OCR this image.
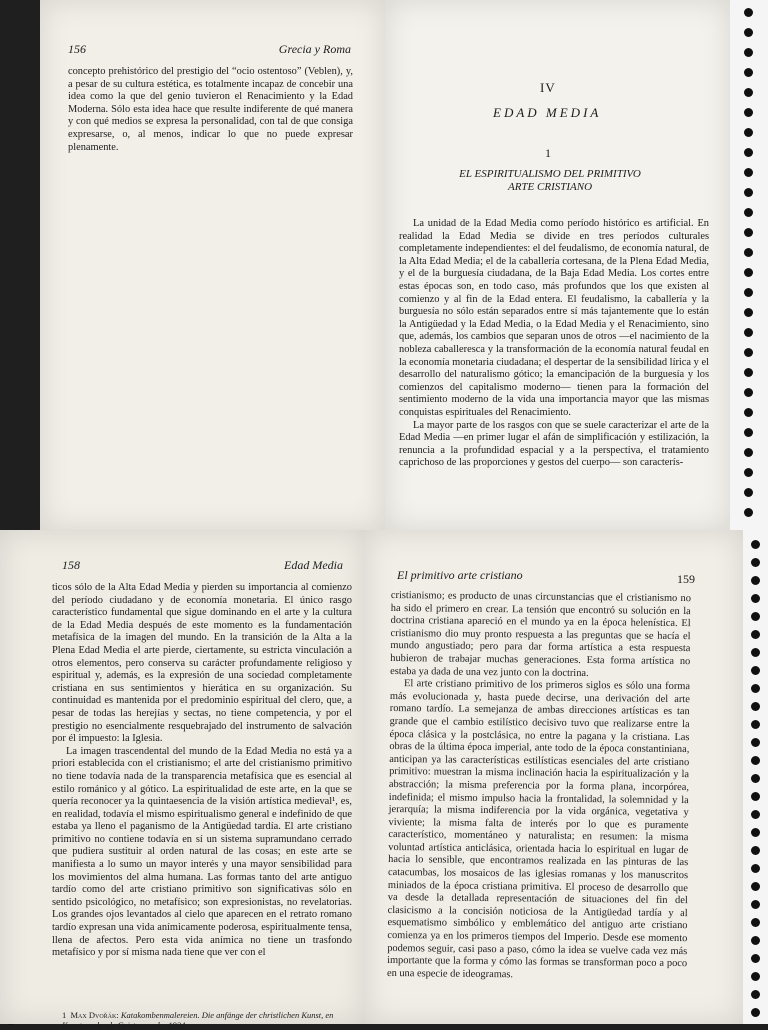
156	Grecia y Roma

concepto prehistórico del prestigio del “ocio ostentoso” (Veblen), y, a pesar de su cultura estética, es totalmente incapaz de concebir una idea como la que del genio tuvieron el Renacimiento y la Edad Moderna. Sólo esta idea hace que resulte indiferente de qué manera y con qué medios se expresa la personalidad, con tal de que consiga expresarse, o, al menos, indicar lo que no puede expresar plenamente.

IV
EDAD MEDIA
1
EL ESPIRITUALISMO DEL PRIMITIVO
ARTE CRISTIANO

La unidad de la Edad Media como período histórico es artificial. En realidad la Edad Media se divide en tres períodos culturales completamente independientes: el del feudalismo, de economía natural, de la Alta Edad Media; el de la caballería cortesana, de la Plena Edad Media, y el de la burguesía ciudadana, de la Baja Edad Media. Los cortes entre estas épocas son, en todo caso, más profundos que los que existen al comienzo y al fin de la Edad entera. El feudalismo, la caballería y la burguesía no sólo están separados entre sí más tajantemente que lo están la Antigüedad y la Edad Media, o la Edad Media y el Renacimiento, sino que, además, los cambios que separan unos de otros —el nacimiento de la nobleza caballeresca y la transformación de la economía natural feudal en la economía monetaria ciudadana; el despertar de la sensibilidad lírica y el desarrollo del naturalismo gótico; la emancipación de la burguesía y los comienzos del capitalismo moderno— tienen para la formación del sentimiento moderno de la vida una importancia mayor que las mismas conquistas espirituales del Renacimiento.

La mayor parte de los rasgos con que se suele caracterizar el arte de la Edad Media —en primer lugar el afán de simplificación y estilización, la renuncia a la profundidad espacial y a la perspectiva, el tratamiento caprichoso de las proporciones y gestos del cuerpo— son caracterís-

158	Edad Media

ticos sólo de la Alta Edad Media y pierden su importancia al comienzo del período ciudadano y de economía monetaria. El único rasgo característico fundamental que sigue dominando en el arte y la cultura de la Edad Media después de este momento es la fundamentación metafísica de la imagen del mundo. En la transición de la Alta a la Plena Edad Media el arte pierde, ciertamente, su estricta vinculación a otros elementos, pero conserva su carácter profundamente religioso y espiritual y, además, es la expresión de una sociedad completamente cristiana en sus sentimientos y hierática en su organización. Su continuidad es mantenida por el predominio espiritual del clero, que, a pesar de todas las herejías y sectas, no tiene competencia, y por el prestigio no esencialmente resquebrajado del instrumento de salvación por él impuesto: la Iglesia.

La imagen trascendental del mundo de la Edad Media no está ya a priori establecida con el cristianismo; el arte del cristianismo primitivo no tiene todavía nada de la transparencia metafísica que es esencial al estilo románico y al gótico. La espiritualidad de este arte, en la que se quería reconocer ya la quintaesencia de la visión artística medieval¹, es, en realidad, todavía el mismo espiritualismo general e indefinido de que estaba ya lleno el paganismo de la Antigüedad tardía. El arte cristiano primitivo no contiene todavía en sí un sistema supramundano cerrado que pudiera sustituir al orden natural de las cosas; en este arte se manifiesta a lo sumo un mayor interés y una mayor sensibilidad para los movimientos del alma humana. Las formas tanto del arte antiguo tardío como del arte cristiano primitivo son significativas sólo en sentido psicológico, no metafísico; son expresionistas, no revelatorias. Los grandes ojos levantados al cielo que aparecen en el retrato romano tardío expresan una vida anímicamente poderosa, espiritualmente tensa, llena de afectos. Pero esta vida anímica no tiene un trasfondo metafísico y por sí misma nada tiene que ver con el

1 Max Dvořák: Katakombenmalereien. Die anfänge der christlichen Kunst, en Kunstgesch. als Geistesgesch., 1924.
El primitivo arte cristiano	159

cristianismo; es producto de unas circunstancias que el cristianismo no ha sido el primero en crear. La tensión que encontró su solución en la doctrina cristiana apareció en el mundo ya en la época helenística. El cristianismo dio muy pronto respuesta a las preguntas que se hacía el mundo angustiado; pero para dar forma artística a esta respuesta hubieron de trabajar muchas generaciones. Esta forma artística no estaba ya dada de una vez junto con la doctrina.

El arte cristiano primitivo de los primeros siglos es sólo una forma más evolucionada y, hasta puede decirse, una derivación del arte romano tardío. La semejanza de ambas direcciones artísticas es tan grande que el cambio estilístico decisivo tuvo que realizarse entre la época clásica y la postclásica, no entre la pagana y la cristiana. Las obras de la última época imperial, ante todo de la época constantiniana, anticipan ya las características estilísticas esenciales del arte cristiano primitivo: muestran la misma inclinación hacia la espiritualización y la abstracción; la misma preferencia por la forma plana, incorpórea, indefinida; el mismo impulso hacia la frontalidad, la solemnidad y la jerarquía; la misma indiferencia por la vida orgánica, vegetativa y viviente; la misma falta de interés por lo que es puramente característico, momentáneo y naturalista; en resumen: la misma voluntad artística anticlásica, orientada hacia lo espiritual en lugar de hacia lo sensible, que encontramos realizada en las pinturas de las catacumbas, los mosaicos de las iglesias romanas y los manuscritos miniados de la época cristiana primitiva. El proceso de desarrollo que va desde la detallada representación de situaciones del fin del clasicismo a la concisión noticiosa de la Antigüedad tardía y al esquematismo simbólico y emblemático del antiguo arte cristiano comienza ya en los primeros tiempos del Imperio. Desde ese momento podemos seguir, casi paso a paso, cómo la idea se vuelve cada vez más importante que la forma y cómo las formas se transforman poco a poco en una especie de ideogramas.
